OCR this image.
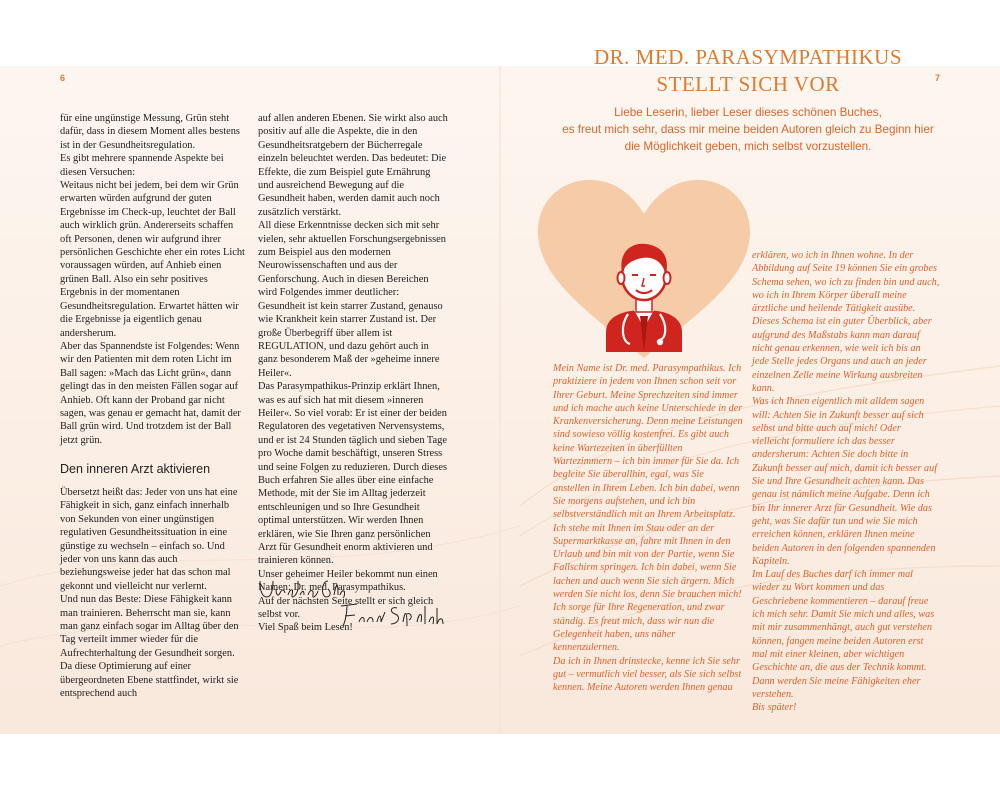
6	7

für eine ungünstige Messung, Grün steht dafür, dass in diesem Moment alles bestens ist in der Gesundheitsregulation.

Es gibt mehrere spannende Aspekte bei diesen Versuchen:

Weitaus nicht bei jedem, bei dem wir Grün erwarten würden aufgrund der guten Ergebnisse im Check-up, leuchtet der Ball auch wirklich grün. Andererseits schaffen oft Personen, denen wir aufgrund ihrer persönlichen Geschichte eher ein rotes Licht voraussagen würden, auf Anhieb einen grünen Ball. Also ein sehr positives Ergebnis in der momentanen Gesundheitsregulation. Erwartet hätten wir die Ergebnisse ja eigentlich genau andersherum.

Aber das Spannendste ist Folgendes: Wenn wir den Patienten mit dem roten Licht im Ball sagen: »Mach das Licht grün«, dann gelingt das in den meisten Fällen sogar auf Anhieb. Oft kann der Proband gar nicht sagen, was genau er gemacht hat, damit der Ball grün wird. Und trotzdem ist der Ball jetzt grün.

Den inneren Arzt aktivieren

Übersetzt heißt das: Jeder von uns hat eine Fähigkeit in sich, ganz einfach innerhalb von Sekunden von einer ungünstigen regulativen Gesundheitssituation in eine günstige zu wechseln – einfach so. Und jeder von uns kann das auch beziehungsweise jeder hat das schon mal gekonnt und vielleicht nur verlernt.

Und nun das Beste: Diese Fähigkeit kann man trainieren. Beherrscht man sie, kann man ganz einfach sogar im Alltag über den Tag verteilt immer wieder für die Aufrechterhaltung der Gesundheit sorgen. Da diese Optimierung auf einer übergeordneten Ebene stattfindet, wirkt sie entsprechend auch

auf allen anderen Ebenen. Sie wirkt also auch positiv auf alle die Aspekte, die in den Gesundheitsratgebern der Bücherregale einzeln beleuchtet werden. Das bedeutet: Die Effekte, die zum Beispiel gute Ernährung und ausreichend Bewegung auf die Gesundheit haben, werden damit auch noch zusätzlich verstärkt.

All diese Erkenntnisse decken sich mit sehr vielen, sehr aktuellen Forschungsergebnissen zum Beispiel aus den modernen Neurowissenschaften und aus der Genforschung. Auch in diesen Bereichen wird Folgendes immer deutlicher: Gesundheit ist kein starrer Zustand, genauso wie Krankheit kein starrer Zustand ist. Der große Überbegriff über allem ist REGULATION, und dazu gehört auch in ganz besonderem Maß der »geheime innere Heiler«.

Das Parasympathikus-Prinzip erklärt Ihnen, was es auf sich hat mit diesem »inneren Heiler«. So viel vorab: Er ist einer der beiden Regulatoren des vegetativen Nervensystems, und er ist 24 Stunden täglich und sieben Tage pro Woche damit beschäftigt, unseren Stress und seine Folgen zu reduzieren. Durch dieses Buch erfahren Sie alles über eine einfache Methode, mit der Sie im Alltag jederzeit entschleunigen und so Ihre Gesundheit optimal unterstützen. Wir werden Ihnen erklären, wie Sie Ihren ganz persönlichen Arzt für Gesundheit enorm aktivieren und trainieren können.

Unser geheimer Heiler bekommt nun einen Namen: Dr. med. Parasympathikus.

Auf der nächsten Seite stellt er sich gleich selbst vor.

Viel Spaß beim Lesen!

DR. MED. PARASYMPATHIKUS
STELLT SICH VOR
Liebe Leserin, lieber Leser dieses schönen Buches,
es freut mich sehr, dass mir meine beiden Autoren gleich zu Beginn hier
die Möglichkeit geben, mich selbst vorzustellen.

Mein Name ist Dr. med. Parasympathikus. Ich praktiziere in jedem von Ihnen schon seit vor Ihrer Geburt. Meine Sprechzeiten sind immer und ich mache auch keine Unterschiede in der Krankenversicherung. Denn meine Leistungen sind sowieso völlig kostenfrei. Es gibt auch keine Wartezeiten in überfüllten Wartezimmern – ich bin immer für Sie da. Ich begleite Sie überallhin, egal, was Sie anstellen in Ihrem Leben. Ich bin dabei, wenn Sie morgens aufstehen, und ich bin selbstverständlich mit an Ihrem Arbeitsplatz. Ich stehe mit Ihnen im Stau oder an der Supermarktkasse an, fahre mit Ihnen in den Urlaub und bin mit von der Partie, wenn Sie Fallschirm springen. Ich bin dabei, wenn Sie lachen und auch wenn Sie sich ärgern. Mich werden Sie nicht los, denn Sie brauchen mich! Ich sorge für Ihre Regeneration, und zwar ständig. Es freut mich, dass wir nun die Gelegenheit haben, uns näher kennenzulernen.

Da ich in Ihnen drinstecke, kenne ich Sie sehr gut – vermutlich viel besser, als Sie sich selbst kennen. Meine Autoren werden Ihnen genau

erklären, wo ich in Ihnen wohne. In der Abbildung auf Seite 19 können Sie ein grobes Schema sehen, wo ich zu finden bin und auch, wo ich in Ihrem Körper überall meine ärztliche und heilende Tätigkeit ausübe. Dieses Schema ist ein guter Überblick, aber aufgrund des Maßstabs kann man darauf nicht genau erkennen, wie weit ich bis an jede Stelle jedes Organs und auch an jeder einzelnen Zelle meine Wirkung ausbreiten kann.

Was ich Ihnen eigentlich mit alldem sagen will: Achten Sie in Zukunft besser auf sich selbst und bitte auch auf mich! Oder vielleicht formuliere ich das besser andersherum: Achten Sie doch bitte in Zukunft besser auf mich, damit ich besser auf Sie und Ihre Gesundheit achten kann. Das genau ist nämlich meine Aufgabe. Denn ich bin Ihr innerer Arzt für Gesundheit. Wie das geht, was Sie dafür tun und wie Sie mich erreichen können, erklären Ihnen meine beiden Autoren in den folgenden spannenden Kapiteln.

Im Lauf des Buches darf ich immer mal wieder zu Wort kommen und das Geschriebene kommentieren – darauf freue ich mich sehr. Damit Sie mich und alles, was mit mir zusammenhängt, auch gut verstehen können, fangen meine beiden Autoren erst mal mit einer kleinen, aber wichtigen Geschichte an, die aus der Technik kommt. Dann werden Sie meine Fähigkeiten eher verstehen.

Bis später!
